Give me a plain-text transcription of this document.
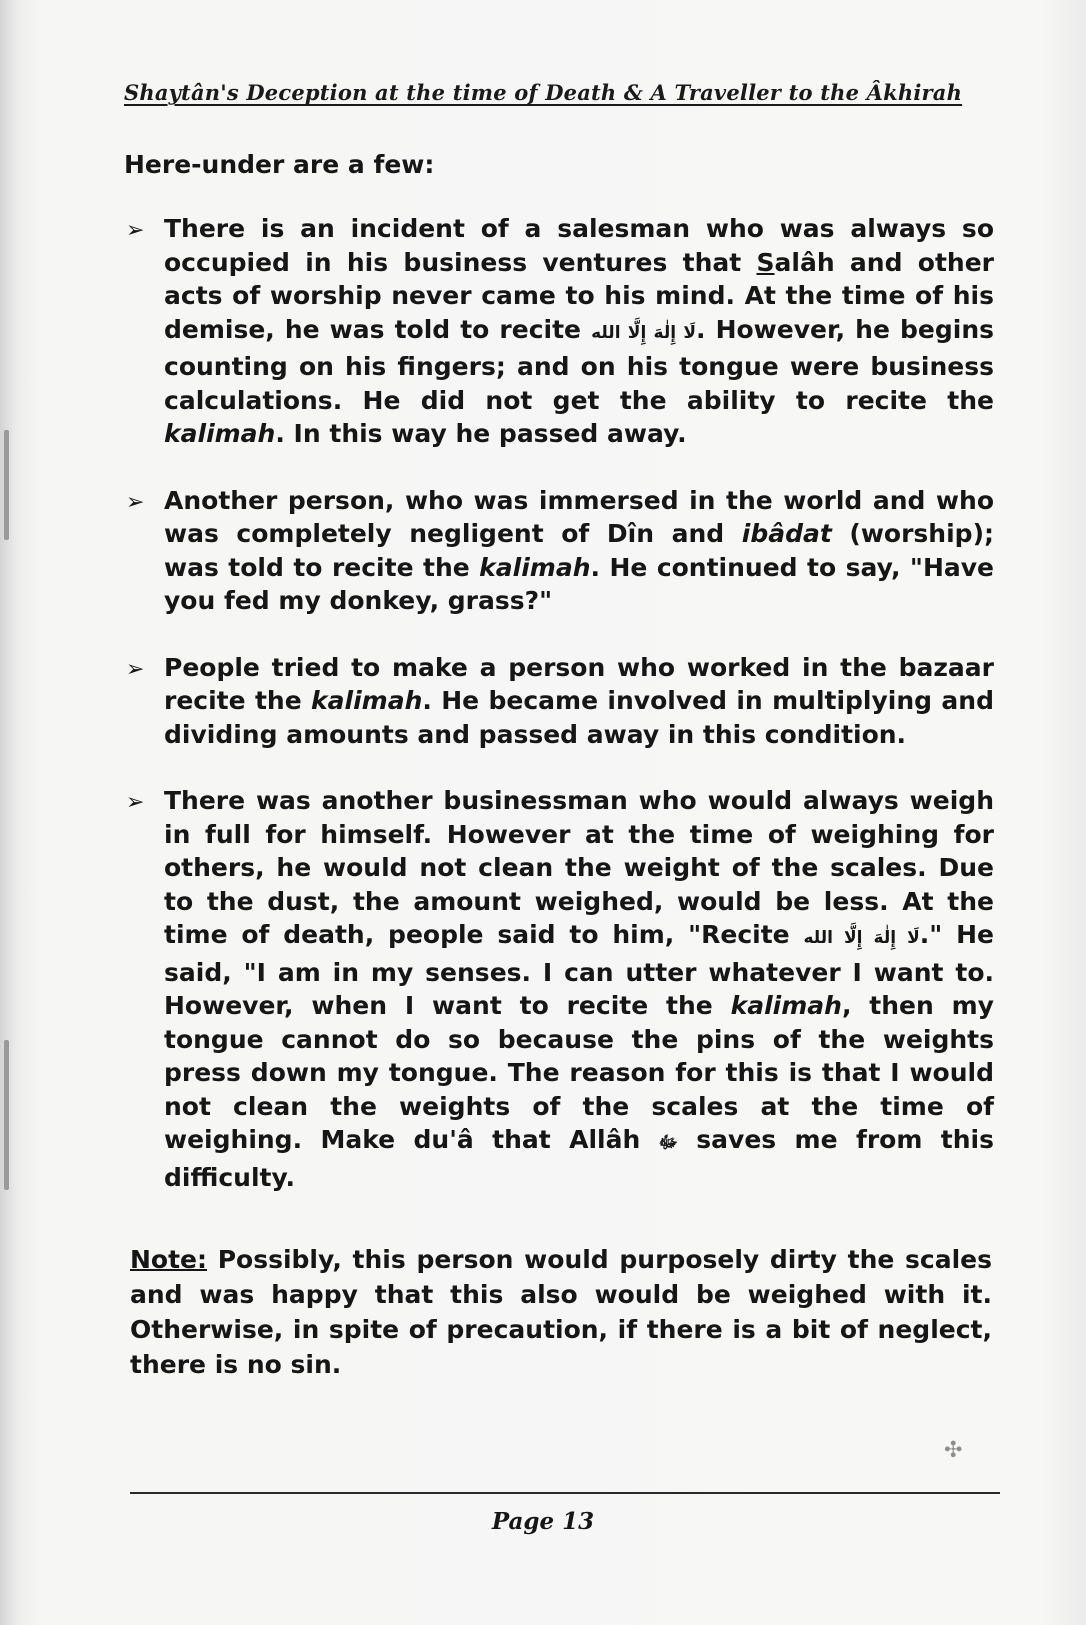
Shaytân's Deception at the time of Death & A Traveller to the Âkhirah
Here-under are a few:
➢ There is an incident of a salesman who was always so occupied in his business ventures that Salâh and other acts of worship never came to his mind. At the time of his demise, he was told to recite لَا إِلٰهَ إِلَّا الله. However, he begins counting on his fingers; and on his tongue were business calculations. He did not get the ability to recite the kalimah. In this way he passed away.
➢ Another person, who was immersed in the world and who was completely negligent of Dîn and ibâdat (worship); was told to recite the kalimah. He continued to say, "Have you fed my donkey, grass?"
➢ People tried to make a person who worked in the bazaar recite the kalimah. He became involved in multiplying and dividing amounts and passed away in this condition.
➢ There was another businessman who would always weigh in full for himself. However at the time of weighing for others, he would not clean the weight of the scales. Due to the dust, the amount weighed, would be less. At the time of death, people said to him, "Recite لَا إِلٰهَ إِلَّا الله." He said, "I am in my senses. I can utter whatever I want to. However, when I want to recite the kalimah, then my tongue cannot do so because the pins of the weights press down my tongue. The reason for this is that I would not clean the weights of the scales at the time of weighing. Make du'â that Allâh ﷻ saves me from this difficulty.
Note: Possibly, this person would purposely dirty the scales and was happy that this also would be weighed with it. Otherwise, in spite of precaution, if there is a bit of neglect, there is no sin.
✣
Page 13
